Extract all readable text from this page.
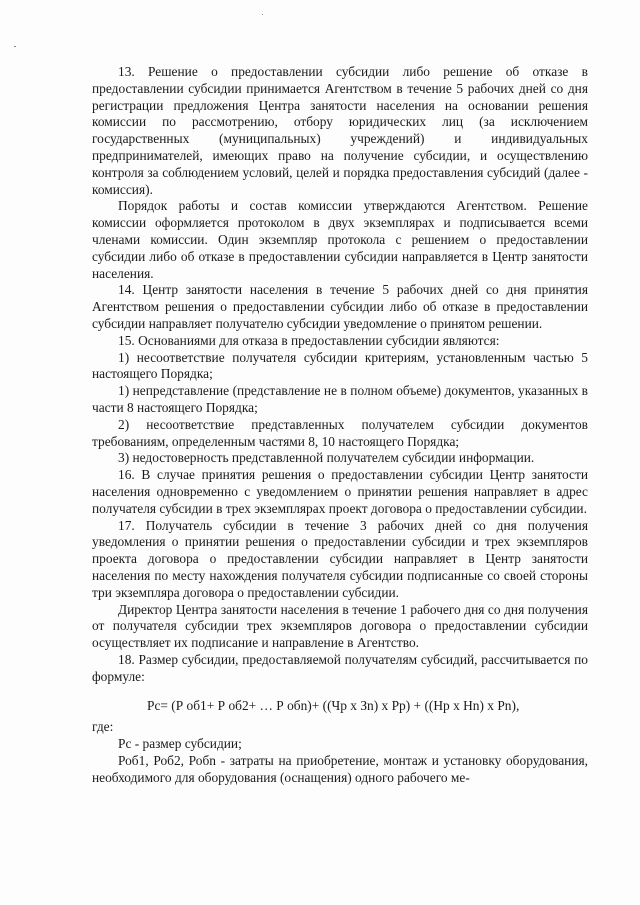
13. Решение о предоставлении субсидии либо решение об отказе в предоставлении субсидии принимается Агентством в течение 5 рабочих дней со дня регистрации предложения Центра занятости населения на основании решения комиссии по рассмотрению, отбору юридических лиц (за исключением государственных (муниципальных) учреждений) и индивидуальных предпринимателей, имеющих право на получение субсидии, и осуществлению контроля за соблюдением условий, целей и порядка предоставления субсидий (далее - комиссия).

Порядок работы и состав комиссии утверждаются Агентством. Решение комиссии оформляется протоколом в двух экземплярах и подписывается всеми членами комиссии. Один экземпляр протокола с решением о предоставлении субсидии либо об отказе в предоставлении субсидии направляется в Центр занятости населения.

14. Центр занятости населения в течение 5 рабочих дней со дня принятия Агентством решения о предоставлении субсидии либо об отказе в предоставлении субсидии направляет получателю субсидии уведомление о принятом решении.

15. Основаниями для отказа в предоставлении субсидии являются:

1) несоответствие получателя субсидии критериям, установленным частью 5 настоящего Порядка;

1) непредставление (представление не в полном объеме) документов, указанных в части 8 настоящего Порядка;

2) несоответствие представленных получателем субсидии документов требованиям, определенным частями 8, 10 настоящего Порядка;

3) недостоверность представленной получателем субсидии информации.

16. В случае принятия решения о предоставлении субсидии Центр занятости населения одновременно с уведомлением о принятии решения направляет в адрес получателя субсидии в трех экземплярах проект договора о предоставлении субсидии.

17. Получатель субсидии в течение 3 рабочих дней со дня получения уведомления о принятии решения о предоставлении субсидии и трех экземпляров проекта договора о предоставлении субсидии направляет в Центр занятости населения по месту нахождения получателя субсидии подписанные со своей стороны три экземпляра договора о предоставлении субсидии.

Директор Центра занятости населения в течение 1 рабочего дня со дня получения от получателя субсидии трех экземпляров договора о предоставлении субсидии осуществляет их подписание и направление в Агентство.

18. Размер субсидии, предоставляемой получателям субсидий, рассчитывается по формуле:

Рс= (Р об1+ Р об2+ … Р обn)+ ((Чр х Зn) х Рр) + ((Нр х Нn) х Рn),

где:

Рс - размер субсидии;

Роб1, Роб2, Робn - затраты на приобретение, монтаж и установку оборудования, необходимого для оборудования (оснащения) одного рабочего ме-
